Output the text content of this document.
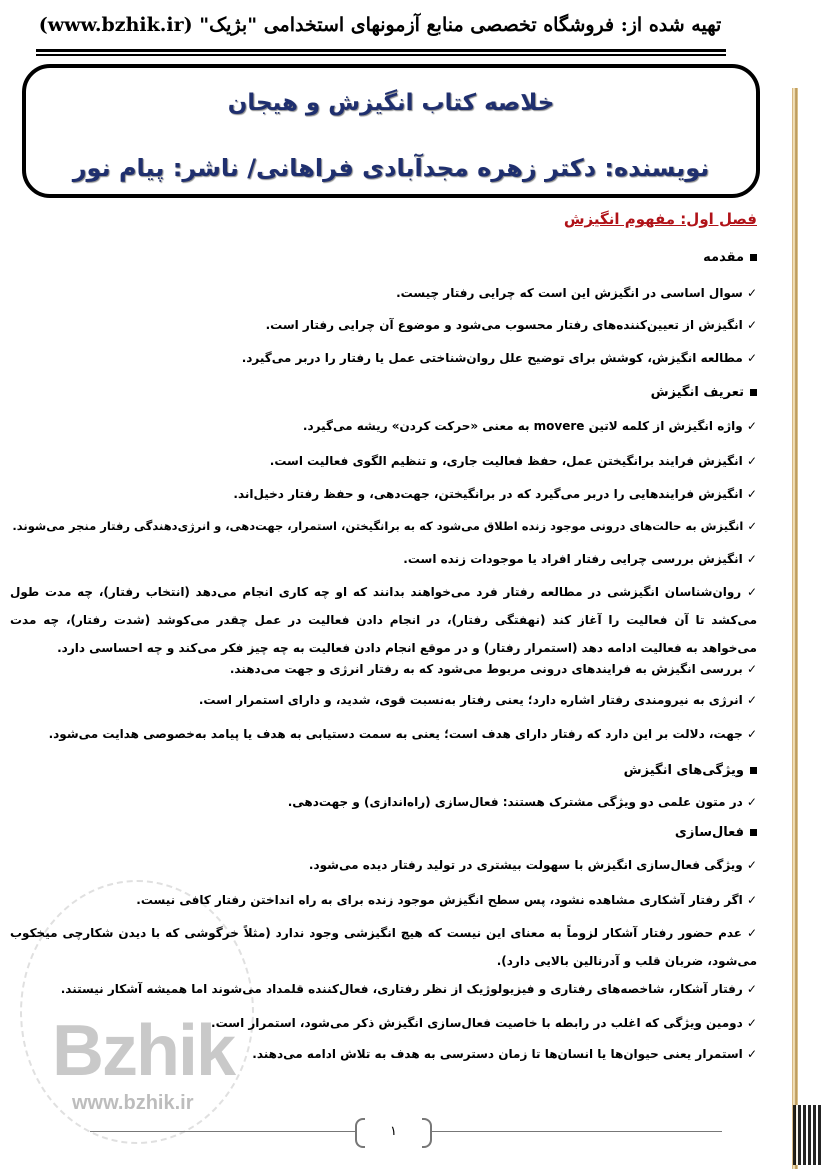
تهیه شده از: فروشگاه تخصصی منابع آزمونهای استخدامی "بژیک" (www.bzhik.ir)
خلاصه کتاب انگیزش و هیجان
نویسنده: دکتر زهره مجدآبادی فراهانی/ ناشر: پیام نور
Bzhik
www.bzhik.ir
فصل اول: مفهوم انگیزش
مقدمه
✓ سوال اساسی در انگیزش این است که چرایی رفتار چیست.
✓ انگیزش از تعیین‌کننده‌های رفتار محسوب می‌شود و موضوع آن چرایی رفتار است.
✓ مطالعه انگیزش، کوشش برای توضیح علل روان‌شناختی عمل یا رفتار را دربر می‌گیرد.
تعریف انگیزش
✓ واژه انگیزش از کلمه لاتین movere به معنی «حرکت کردن» ریشه می‌گیرد.
✓ انگیزش فرایند برانگیختن عمل، حفظ فعالیت جاری، و تنظیم الگوی فعالیت است.
✓ انگیزش فرایندهایی را دربر می‌گیرد که در برانگیختن، جهت‌دهی، و حفظ رفتار دخیل‌اند.
✓ انگیزش به حالت‌های درونی موجود زنده اطلاق می‌شود که به برانگیختن، استمرار، جهت‌دهی، و انرژی‌دهندگی رفتار منجر می‌شوند.
✓ انگیزش بررسی چرایی رفتار افراد یا موجودات زنده است.
✓ روان‌شناسان انگیزشی در مطالعه رفتار فرد می‌خواهند بدانند که او چه کاری انجام می‌دهد (انتخاب رفتار)، چه مدت طول می‌کشد تا آن فعالیت را آغاز کند (نهفتگی رفتار)، در انجام دادن فعالیت در عمل چقدر می‌کوشد (شدت رفتار)، چه مدت می‌خواهد به فعالیت ادامه دهد (استمرار رفتار) و در موقع انجام دادن فعالیت به چه چیز فکر می‌کند و چه احساسی دارد.
✓ بررسی انگیزش به فرایندهای درونی مربوط می‌شود که به رفتار انرژی و جهت می‌دهند.
✓ انرژی به نیرومندی رفتار اشاره دارد؛ یعنی رفتار به‌نسبت قوی، شدید، و دارای استمرار است.
✓ جهت، دلالت بر این دارد که رفتار دارای هدف است؛ یعنی به سمت دستیابی به هدف یا پیامد به‌خصوصی هدایت می‌شود.
ویژگی‌های انگیزش
✓ در متون علمی دو ویژگی مشترک هستند: فعال‌سازی (راه‌اندازی) و جهت‌دهی.
فعال‌سازی
✓ ویژگی فعال‌سازی انگیزش با سهولت بیشتری در تولید رفتار دیده می‌شود.
✓ اگر رفتار آشکاری مشاهده نشود، پس سطح انگیزش موجود زنده برای به راه انداختن رفتار کافی نیست.
✓ عدم حضور رفتار آشکار لزوماً به معنای این نیست که هیچ انگیزشی وجود ندارد (مثلاً خرگوشی که با دیدن شکارچی میخکوب می‌شود، ضربان قلب و آدرنالین بالایی دارد).
✓ رفتار آشکار، شاخصه‌های رفتاری و فیزیولوژیک از نظر رفتاری، فعال‌کننده قلمداد می‌شوند اما همیشه آشکار نیستند.
✓ دومین ویژگی که اغلب در رابطه با خاصیت فعال‌سازی انگیزش ذکر می‌شود، استمرار است.
✓ استمرار یعنی حیوان‌ها یا انسان‌ها تا زمان دسترسی به هدف به تلاش ادامه می‌دهند.
۱
